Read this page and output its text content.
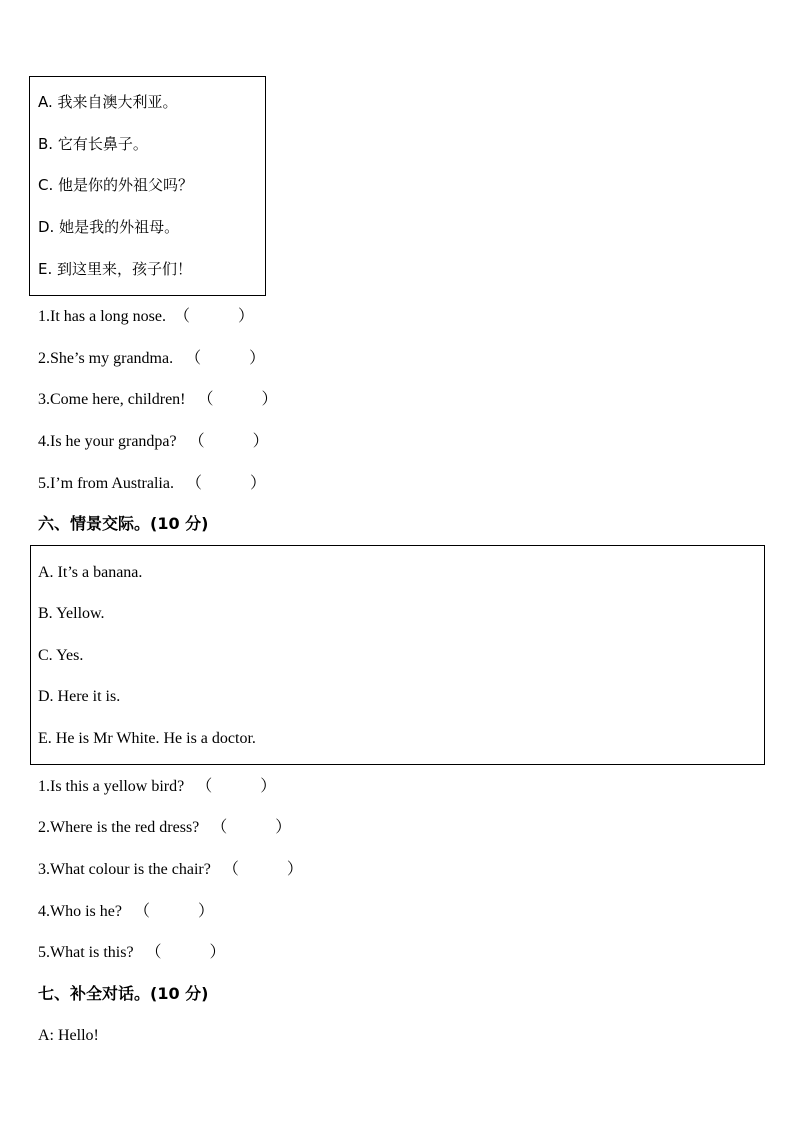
A. 我来自澳大利亚。
B. 它有长鼻子。
C. 他是你的外祖父吗？
D. 她是我的外祖母。
E. 到这里来，孩子们！
1.It has a long nose.  （            ）
2.She’s my grandma.   （            ）
3.Come here, children!   （            ）
4.Is he your grandpa?   （            ）
5.I’m from Australia.   （            ）
六、情景交际。(10 分)
A. It’s a banana.
B. Yellow.
C. Yes.
D. Here it is.
E. He is Mr White. He is a doctor.
1.Is this a yellow bird?   （            ）
2.Where is the red dress?   （            ）
3.What colour is the chair?   （            ）
4.Who is he?   （            ）
5.What is this?   （            ）
七、补全对话。(10 分)
A: Hello!
